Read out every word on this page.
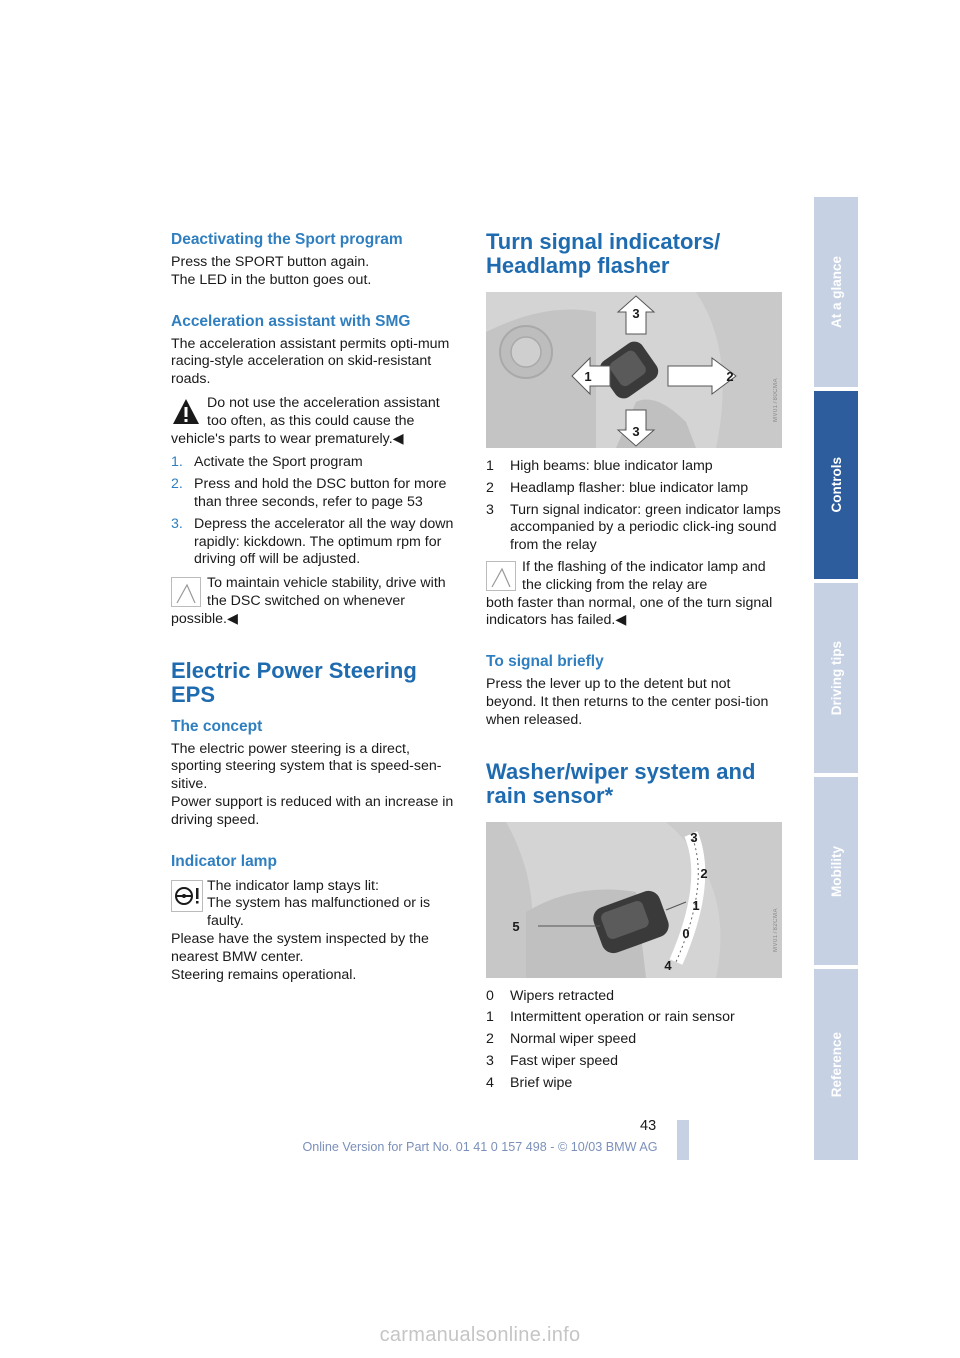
Deactivating the Sport program

Press the SPORT button again.

The LED in the button goes out.

Acceleration assistant with SMG

The acceleration assistant permits opti-mum racing-style acceleration on skid-resistant roads.

Do not use the acceleration assistant too often, as this could cause the
vehicle's parts to wear prematurely.◀
1. Activate the Sport program
2. Press and hold the DSC button for more than three seconds, refer to page 53
3. Depress the accelerator all the way down rapidly: kickdown. The optimum rpm for driving off will be adjusted.
To maintain vehicle stability, drive with the DSC switched on whenever
possible.◀
Electric Power Steering
EPS
The concept

The electric power steering is a direct, sporting steering system that is speed-sen-sitive.

Power support is reduced with an increase in driving speed.

Indicator lamp
The indicator lamp stays lit:
The system has malfunctioned or is faulty.

Please have the system inspected by the nearest BMW center.

Steering remains operational.

Turn signal indicators/
Headlamp flasher
3
1	2
3
MV01780CMA
1 High beams: blue indicator lamp
2 Headlamp flasher: blue indicator lamp
3 Turn signal indicator: green indicator lamps accompanied by a periodic click-ing sound from the relay
If the flashing of the indicator lamp and the clicking from the relay are
both faster than normal, one of the turn signal indicators has failed.◀
To signal briefly

Press the lever up to the detent but not beyond. It then returns to the center posi-tion when released.

Washer/wiper system and
rain sensor*
3
2
1
0
4
5	MV01782CMA
0 Wipers retracted
1 Intermittent operation or rain sensor
2 Normal wiper speed
3 Fast wiper speed
4 Brief wipe
At a glance
Controls
Driving tips
Mobility
Reference
43
Online Version for Part No. 01 41 0 157 498 - © 10/03 BMW AG
carmanualsonline.info
